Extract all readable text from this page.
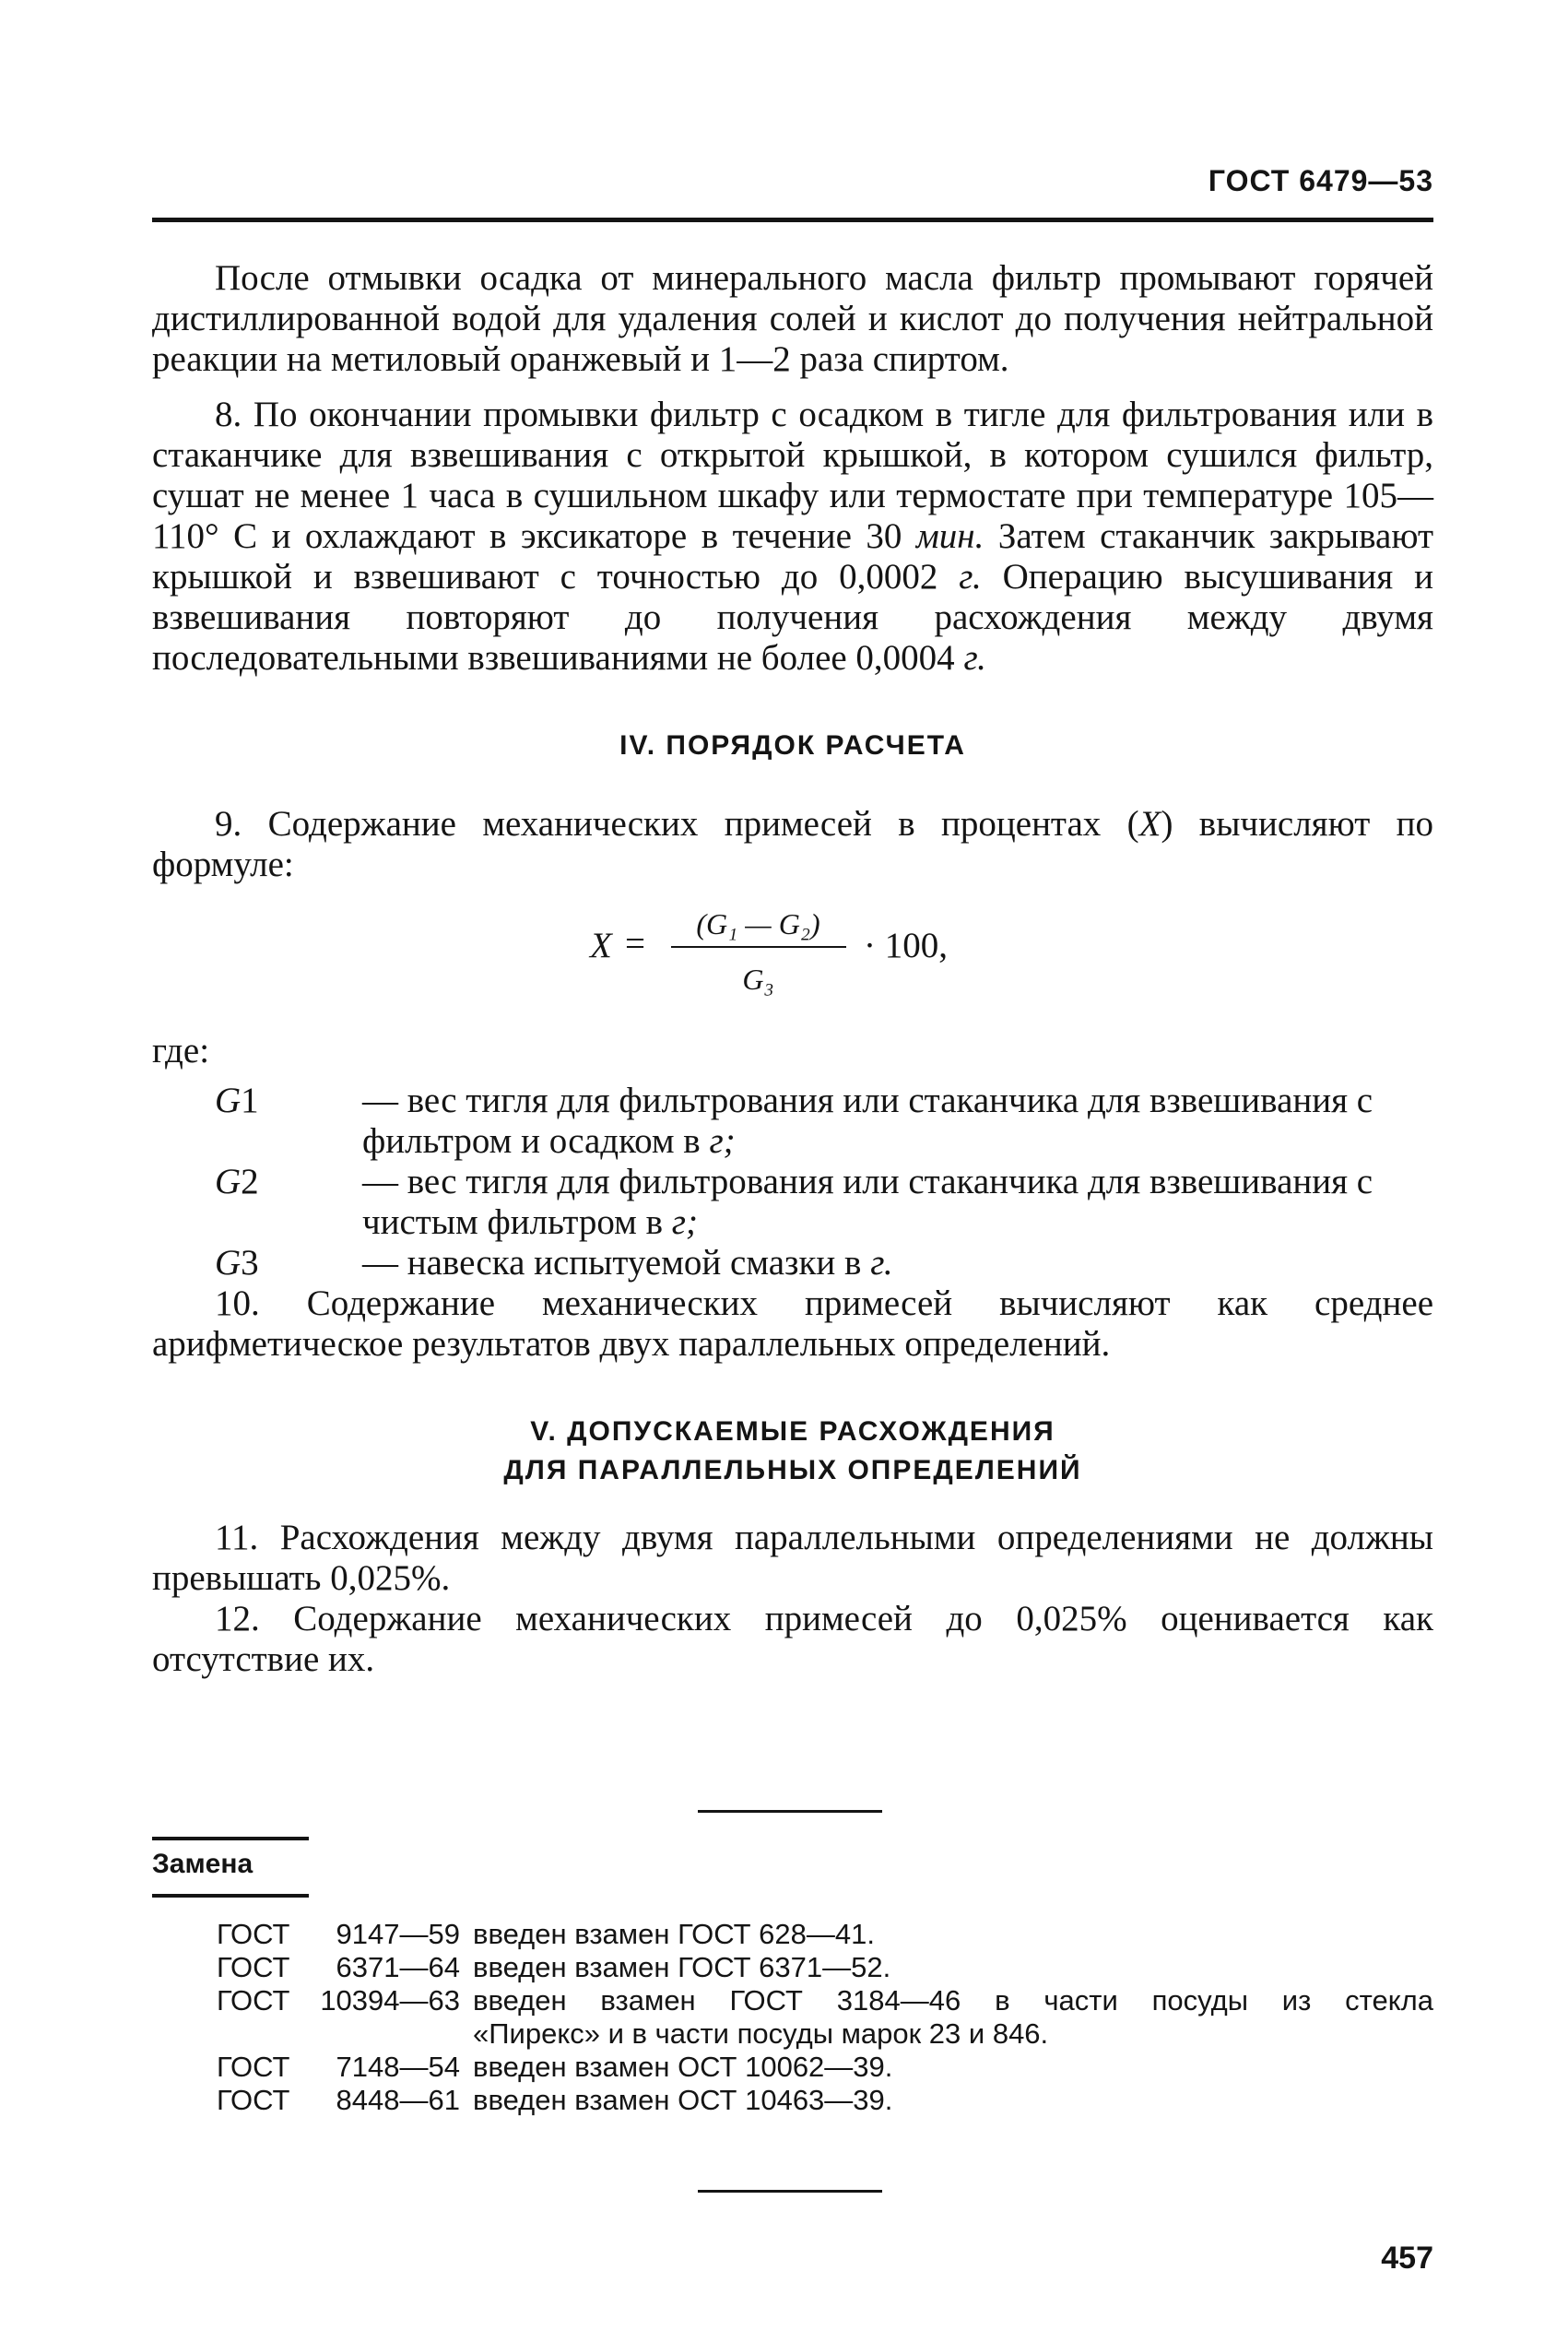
ГОСТ 6479—53

После отмывки осадка от минерального масла фильтр промывают горячей дистиллированной водой для удаления солей и кислот до получения нейтральной реакции на метиловый оранжевый и 1—2 раза спиртом.

8. По окончании промывки фильтр с осадком в тигле для фильтрования или в стаканчике для взвешивания с открытой крышкой, в котором сушился фильтр, сушат не менее 1 часа в сушильном шкафу или термостате при температуре 105—110° С и охлаждают в эксикаторе в течение 30 мин. Затем стаканчик закрывают крышкой и взвешивают с точностью до 0,0002 г. Операцию высушивания и взвешивания повторяют до получения расхождения между двумя последовательными взвешиваниями не более 0,0004 г.

IV. ПОРЯДОК РАСЧЕТА

9. Содержание механических примесей в процентах (X) вычисляют по формуле:

X =	(G₁ — G₂)
G₃
· 100,

где:

G1	— вес тигля для фильтрования или стаканчика для взвешивания с фильтром и осадком в г;
G2	— вес тигля для фильтрования или стаканчика для взвешивания с чистым фильтром в г;
G3	— навеска испытуемой смазки в г.

10. Содержание механических примесей вычисляют как среднее арифметическое результатов двух параллельных определений.

V. ДОПУСКАЕМЫЕ РАСХОЖДЕНИЯ
ДЛЯ ПАРАЛЛЕЛЬНЫХ ОПРЕДЕЛЕНИЙ

11. Расхождения между двумя параллельными определениями не должны превышать 0,025%.

12. Содержание механических примесей до 0,025% оценивается как отсутствие их.

Замена
ГОСТ	9147—59 введен взамен ГОСТ 628—41.
ГОСТ	6371—64 введен взамен ГОСТ 6371—52.
ГОСТ	10394—63 введен взамен ГОСТ 3184—46 в части посуды из стекла
«Пирекс» и в части посуды марок 23 и 846.
ГОСТ	7148—54 введен взамен ОСТ 10062—39.
ГОСТ	8448—61 введен взамен ОСТ 10463—39.
457
